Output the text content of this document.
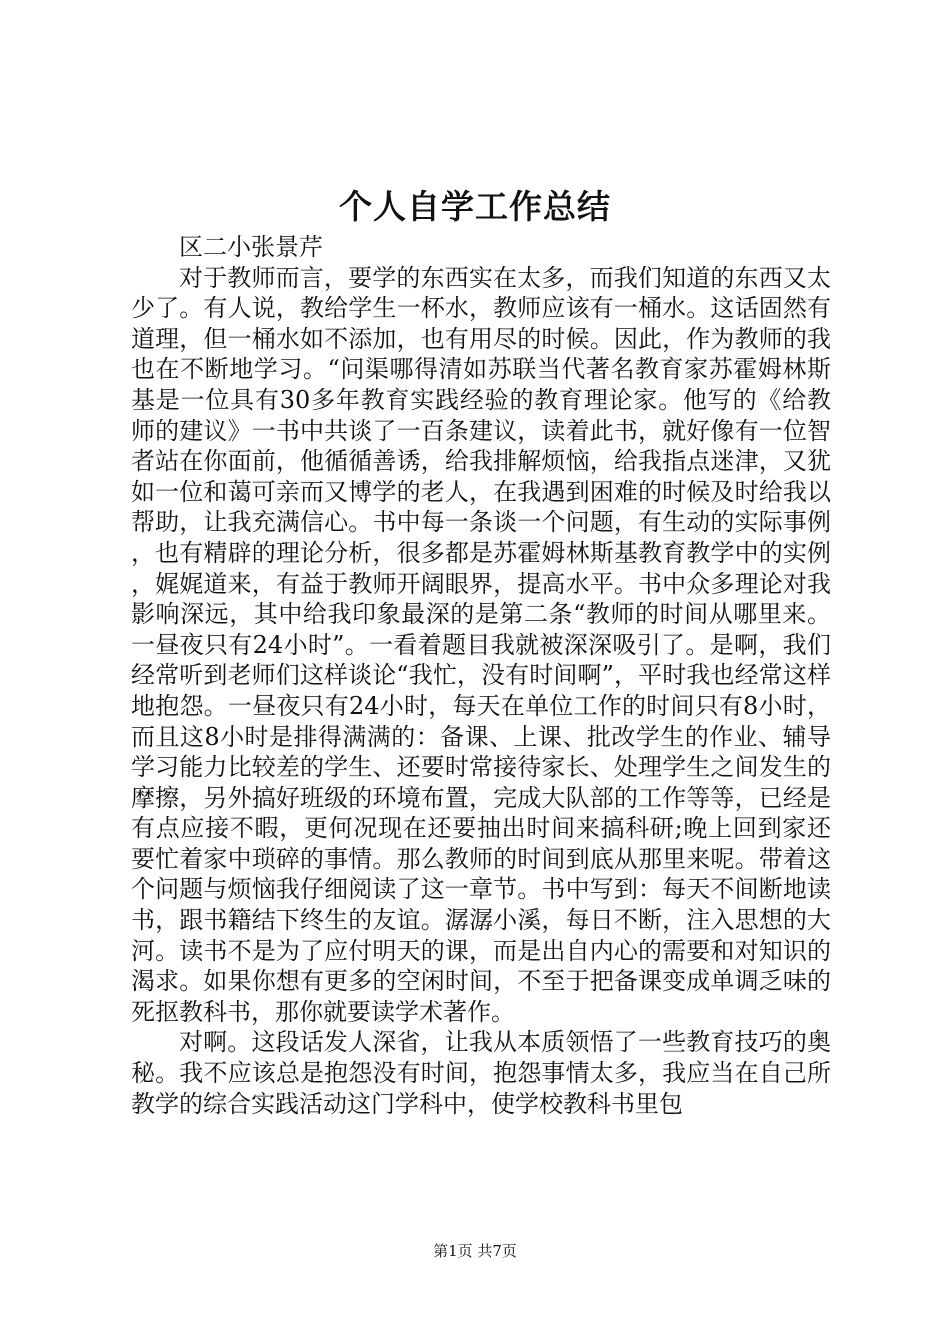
个人自学工作总结

区二小张景芹

对于教师而言，要学的东西实在太多，而我们知道的东西又太少了。有人说，教给学生一杯水，教师应该有一桶水。这话固然有道理，但一桶水如不添加，也有用尽的时候。因此，作为教师的我也在不断地学习。“问渠哪得清如苏联当代著名教育家苏霍姆林斯基是一位具有30多年教育实践经验的教育理论家。他写的《给教师的建议》一书中共谈了一百条建议，读着此书，就好像有一位智者站在你面前，他循循善诱，给我排解烦恼，给我指点迷津，又犹如一位和蔼可亲而又博学的老人，在我遇到困难的时候及时给我以帮助，让我充满信心。书中每一条谈一个问题，有生动的实际事例，也有精辟的理论分析，很多都是苏霍姆林斯基教育教学中的实例，娓娓道来，有益于教师开阔眼界，提高水平。书中众多理论对我影响深远，其中给我印象最深的是第二条“教师的时间从哪里来。一昼夜只有24小时”。一看着题目我就被深深吸引了。是啊，我们经常听到老师们这样谈论“我忙，没有时间啊”，平时我也经常这样地抱怨。一昼夜只有24小时，每天在单位工作的时间只有8小时，而且这8小时是排得满满的：备课、上课、批改学生的作业、辅导学习能力比较差的学生、还要时常接待家长、处理学生之间发生的摩擦，另外搞好班级的环境布置，完成大队部的工作等等，已经是有点应接不暇，更何况现在还要抽出时间来搞科研;晚上回到家还要忙着家中琐碎的事情。那么教师的时间到底从那里来呢。带着这个问题与烦恼我仔细阅读了这一章节。书中写到：每天不间断地读书，跟书籍结下终生的友谊。潺潺小溪，每日不断，注入思想的大河。读书不是为了应付明天的课，而是出自内心的需要和对知识的渴求。如果你想有更多的空闲时间，不至于把备课变成单调乏味的死抠教科书，那你就要读学术著作。

对啊。这段话发人深省，让我从本质领悟了一些教育技巧的奥秘。我不应该总是抱怨没有时间，抱怨事情太多，我应当在自己所教学的综合实践活动这门学科中，使学校教科书里包

第1页 共7页
